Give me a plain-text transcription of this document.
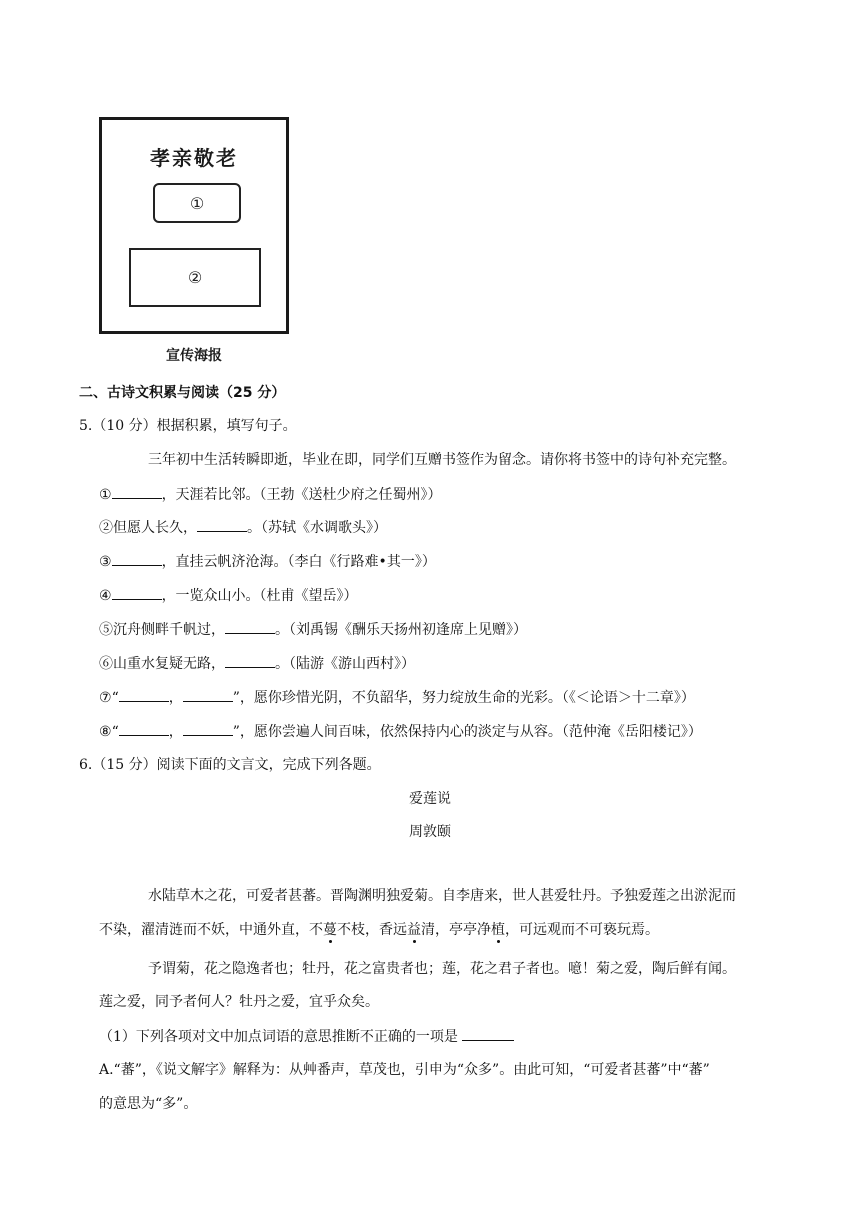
孝亲敬老
①
②
宣传海报
二、古诗文积累与阅读（25 分）
5.（10 分）根据积累，填写句子。
三年初中生活转瞬即逝，毕业在即，同学们互赠书签作为留念。请你将书签中的诗句补充完整。
①	，天涯若比邻。（王勃《送杜少府之任蜀州》）
②但愿人长久，	。（苏轼《水调歌头》）
③	，直挂云帆济沧海。（李白《行路难•其一》）
④	，一览众山小。（杜甫《望岳》）
⑤沉舟侧畔千帆过，	。（刘禹锡《酬乐天扬州初逢席上见赠》）
⑥山重水复疑无路，	。（陆游《游山西村》）
⑦“	，	”，愿你珍惜光阴，不负韶华，努力绽放生命的光彩。（《＜论语＞十二章》）
⑧“	，	”，愿你尝遍人间百味，依然保持内心的淡定与从容。（范仲淹《岳阳楼记》）
6.（15 分）阅读下面的文言文，完成下列各题。
爱莲说
周敦颐
水陆草木之花，可爱者甚蕃。晋陶渊明独爱菊。自李唐来，世人甚爱牡丹。予独爱莲之出淤泥而
不染，濯清涟而不妖，中通外直，不蔓不枝，香远益清，亭亭净植，可远观而不可亵玩焉。
予谓菊，花之隐逸者也；牡丹，花之富贵者也；莲，花之君子者也。噫！菊之爱，陶后鲜有闻。
莲之爱，同予者何人？牡丹之爱，宜乎众矣。
（1）下列各项对文中加点词语的意思推断不正确的一项是
A.“蕃”，《说文解字》解释为：从艸番声，草茂也，引申为“众多”。由此可知，“可爱者甚蕃”中“蕃”
的意思为“多”。
